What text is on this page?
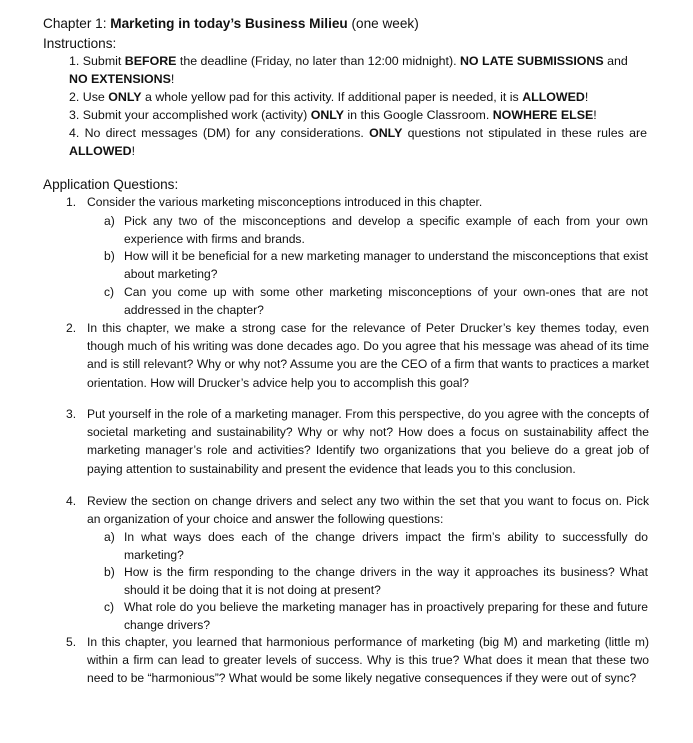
Chapter 1: Marketing in today’s Business Milieu (one week)
Instructions:
1. Submit BEFORE the deadline (Friday, no later than 12:00 midnight). NO LATE SUBMISSIONS and
NO EXTENSIONS!
2. Use ONLY a whole yellow pad for this activity. If additional paper is needed, it is ALLOWED!
3. Submit your accomplished work (activity) ONLY in this Google Classroom. NOWHERE ELSE!
4. No direct messages (DM) for any considerations. ONLY questions not stipulated in these rules are ALLOWED!
Application Questions:
1. Consider the various marketing misconceptions introduced in this chapter.
a) Pick any two of the misconceptions and develop a specific example of each from your own experience with firms and brands.
b) How will it be beneficial for a new marketing manager to understand the misconceptions that exist about marketing?
c) Can you come up with some other marketing misconceptions of your own-ones that are not addressed in the chapter?
2. In this chapter, we make a strong case for the relevance of Peter Drucker’s key themes today, even though much of his writing was done decades ago. Do you agree that his message was ahead of its time and is still relevant? Why or why not? Assume you are the CEO of a firm that wants to practices a market orientation. How will Drucker’s advice help you to accomplish this goal?
3. Put yourself in the role of a marketing manager. From this perspective, do you agree with the concepts of societal marketing and sustainability? Why or why not? How does a focus on sustainability affect the marketing manager’s role and activities? Identify two organizations that you believe do a great job of paying attention to sustainability and present the evidence that leads you to this conclusion.
4. Review the section on change drivers and select any two within the set that you want to focus on. Pick an organization of your choice and answer the following questions:
a) In what ways does each of the change drivers impact the firm’s ability to successfully do marketing?
b) How is the firm responding to the change drivers in the way it approaches its business? What should it be doing that it is not doing at present?
c) What role do you believe the marketing manager has in proactively preparing for these and future change drivers?
5. In this chapter, you learned that harmonious performance of marketing (big M) and marketing (little m) within a firm can lead to greater levels of success. Why is this true? What does it mean that these two need to be “harmonious”? What would be some likely negative consequences if they were out of sync?
